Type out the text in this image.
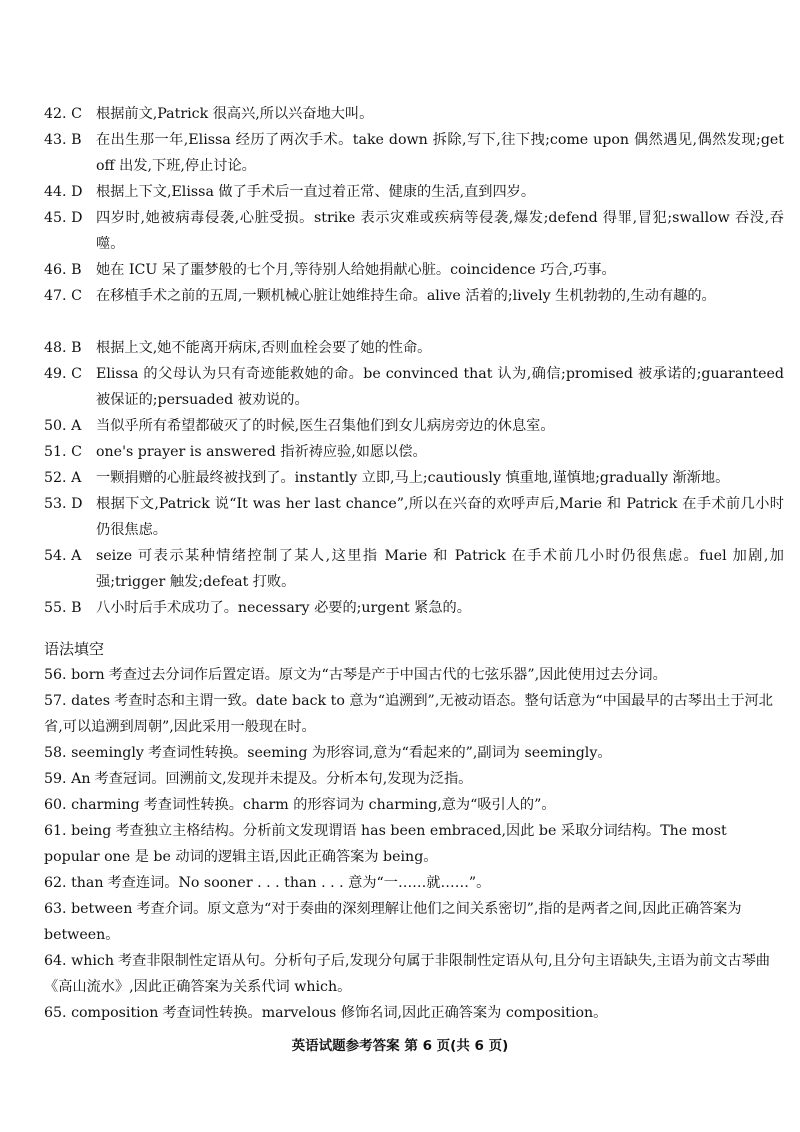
42. C 根据前文,Patrick 很高兴,所以兴奋地大叫。
43. B	在出生那一年,Elissa 经历了两次手术。take down 拆除,写下,往下拽;come upon 偶然遇见,偶然发现;get off 出发,下班,停止讨论。
44. D 根据上下文,Elissa 做了手术后一直过着正常、健康的生活,直到四岁。
45. D 四岁时,她被病毒侵袭,心脏受损。strike 表示灾难或疾病等侵袭,爆发;defend 得罪,冒犯;swallow 吞没,吞噬。
46. B	她在 ICU 呆了噩梦般的七个月,等待别人给她捐献心脏。coincidence 巧合,巧事。
47. C 在移植手术之前的五周,一颗机械心脏让她维持生命。alive 活着的;lively 生机勃勃的,生动有趣的。
48. B	根据上文,她不能离开病床,否则血栓会要了她的性命。
49. C Elissa 的父母认为只有奇迹能救她的命。be convinced that 认为,确信;promised 被承诺的;guaranteed 被保证的;persuaded 被劝说的。
50. A	当似乎所有希望都破灭了的时候,医生召集他们到女儿病房旁边的休息室。
51. C one's prayer is answered 指祈祷应验,如愿以偿。
52. A	一颗捐赠的心脏最终被找到了。instantly 立即,马上;cautiously 慎重地,谨慎地;gradually 渐渐地。
53. D 根据下文,Patrick 说“It was her last chance”,所以在兴奋的欢呼声后,Marie 和 Patrick 在手术前几小时仍很焦虑。
54. A	seize 可表示某种情绪控制了某人,这里指 Marie 和 Patrick 在手术前几小时仍很焦虑。fuel 加剧,加强;trigger 触发;defeat 打败。
55. B	八小时后手术成功了。necessary 必要的;urgent 紧急的。
语法填空
56. born 考查过去分词作后置定语。原文为“古琴是产于中国古代的七弦乐器”,因此使用过去分词。
57. dates 考查时态和主谓一致。date back to 意为“追溯到”,无被动语态。整句话意为“中国最早的古琴出土于河北省,可以追溯到周朝”,因此采用一般现在时。
58. seemingly 考查词性转换。seeming 为形容词,意为“看起来的”,副词为 seemingly。
59. An 考查冠词。回溯前文,发现并未提及。分析本句,发现为泛指。
60. charming 考查词性转换。charm 的形容词为 charming,意为“吸引人的”。
61. being 考查独立主格结构。分析前文发现谓语 has been embraced,因此 be 采取分词结构。The most popular one 是 be 动词的逻辑主语,因此正确答案为 being。
62. than 考查连词。No sooner . . . than . . . 意为“一……就……”。
63. between 考查介词。原文意为“对于奏曲的深刻理解让他们之间关系密切”,指的是两者之间,因此正确答案为 between。
64. which 考查非限制性定语从句。分析句子后,发现分句属于非限制性定语从句,且分句主语缺失,主语为前文古琴曲《高山流水》,因此正确答案为关系代词 which。
65. composition 考查词性转换。marvelous 修饰名词,因此正确答案为 composition。
英语试题参考答案 第 6 页(共 6 页)
